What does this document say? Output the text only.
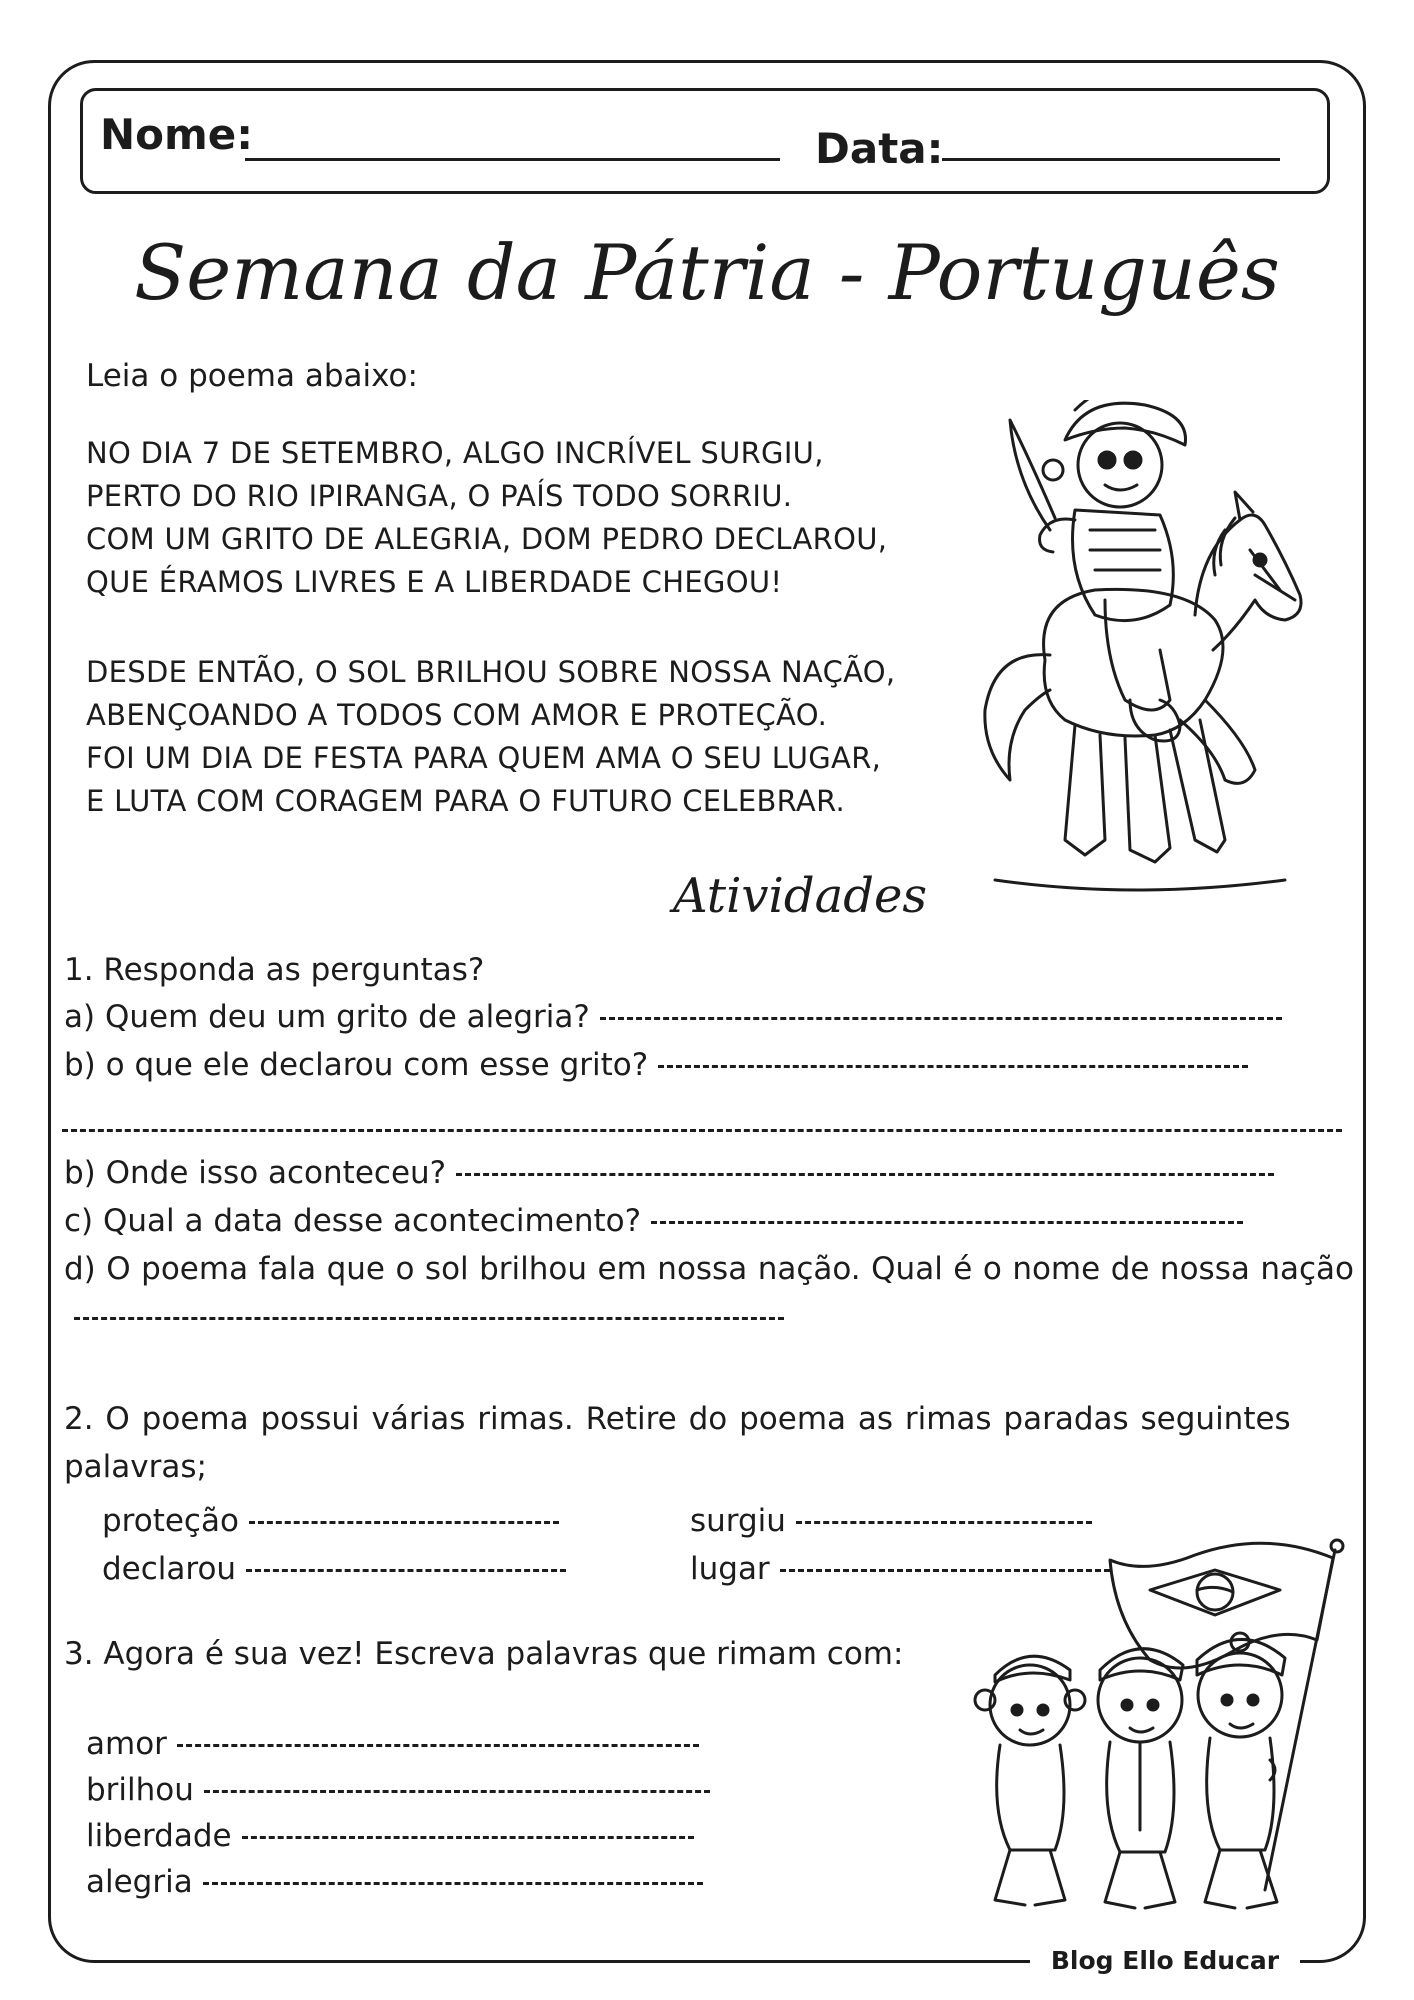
Nome:	Data:
Semana da Pátria - Português
Leia o poema abaixo:
NO DIA 7 DE SETEMBRO, ALGO INCRÍVEL SURGIU,
PERTO DO RIO IPIRANGA, O PAÍS TODO SORRIU.
COM UM GRITO DE ALEGRIA, DOM PEDRO DECLAROU,
QUE ÉRAMOS LIVRES E A LIBERDADE CHEGOU!
DESDE ENTÃO, O SOL BRILHOU SOBRE NOSSA NAÇÃO,
ABENÇOANDO A TODOS COM AMOR E PROTEÇÃO.
FOI UM DIA DE FESTA PARA QUEM AMA O SEU LUGAR,
E LUTA COM CORAGEM PARA O FUTURO CELEBRAR.
Atividades
1. Responda as perguntas?
a) Quem deu um grito de alegria?
b) o que ele declarou com esse grito?
b) Onde isso aconteceu?
c) Qual a data desse acontecimento?
d) O poema fala que o sol brilhou em nossa nação. Qual é o nome de nossa nação
2. O poema possui várias rimas. Retire do poema as rimas paradas seguintes palavras;
proteção	surgiu
declarou	lugar
3. Agora é sua vez! Escreva palavras que rimam com:
amor
brilhou
liberdade
alegria
Blog Ello Educar
